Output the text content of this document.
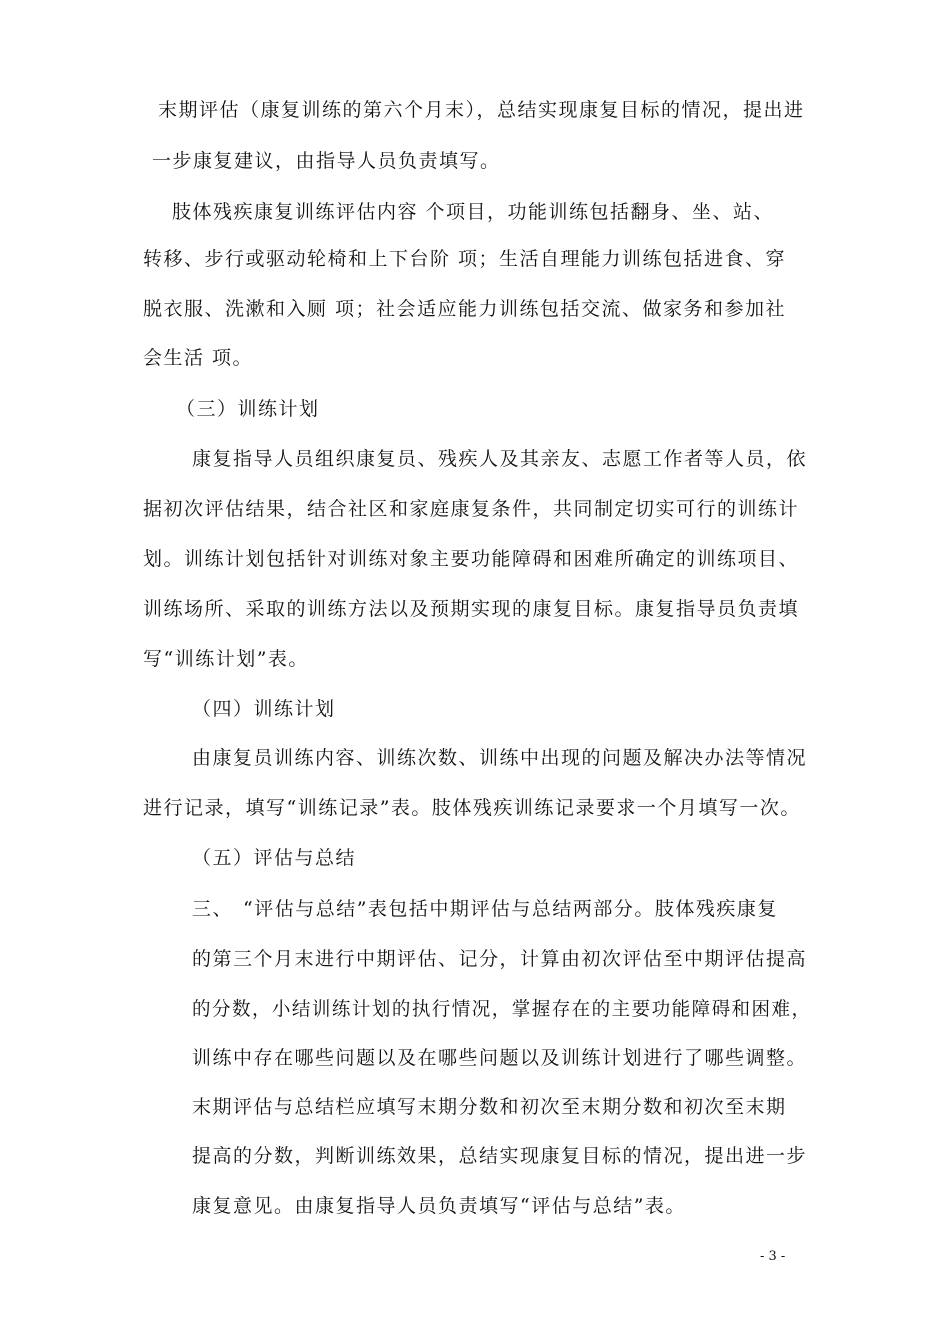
末期评估（康复训练的第六个月末），总结实现康复目标的情况，提出进
一步康复建议，由指导人员负责填写。
肢体残疾康复训练评估内容 个项目，功能训练包括翻身、坐、站、
转移、步行或驱动轮椅和上下台阶 项；生活自理能力训练包括进食、穿
脱衣服、洗漱和入厕 项；社会适应能力训练包括交流、做家务和参加社
会生活 项。
（三）训练计划
康复指导人员组织康复员、残疾人及其亲友、志愿工作者等人员，依
据初次评估结果，结合社区和家庭康复条件，共同制定切实可行的训练计
划。训练计划包括针对训练对象主要功能障碍和困难所确定的训练项目、
训练场所、采取的训练方法以及预期实现的康复目标。康复指导员负责填
写“训练计划”表。
（四）训练计划
由康复员训练内容、训练次数、训练中出现的问题及解决办法等情况
进行记录，填写“训练记录”表。肢体残疾训练记录要求一个月填写一次。
（五）评估与总结
三、 “评估与总结”表包括中期评估与总结两部分。肢体残疾康复
的第三个月末进行中期评估、记分，计算由初次评估至中期评估提高
的分数，小结训练计划的执行情况，掌握存在的主要功能障碍和困难，
训练中存在哪些问题以及在哪些问题以及训练计划进行了哪些调整。
末期评估与总结栏应填写末期分数和初次至末期分数和初次至末期
提高的分数，判断训练效果，总结实现康复目标的情况，提出进一步
康复意见。由康复指导人员负责填写“评估与总结”表。
- 3 -
